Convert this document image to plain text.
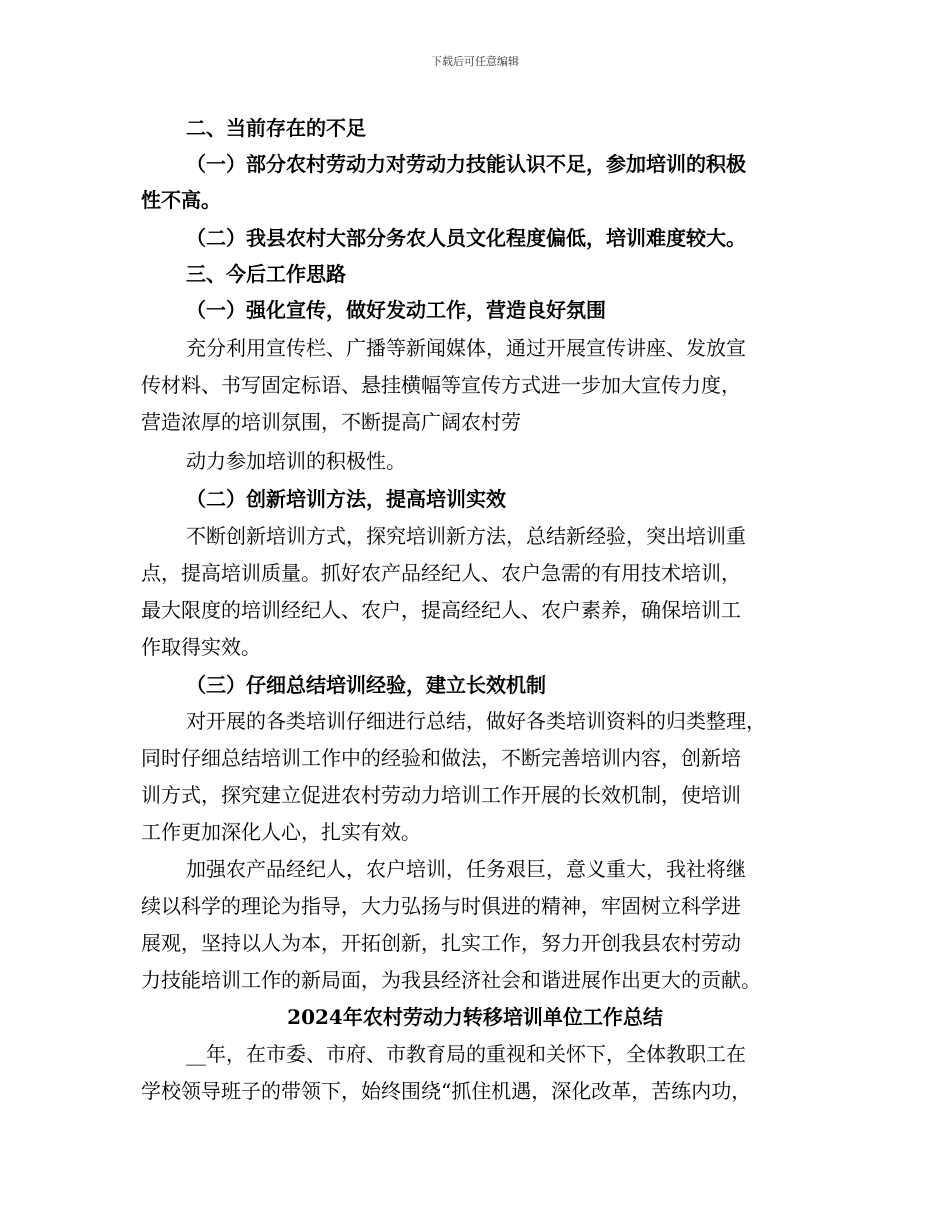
下载后可任意编辑
二、当前存在的不足
（一）部分农村劳动力对劳动力技能认识不足，参加培训的积极
性不高。
（二）我县农村大部分务农人员文化程度偏低，培训难度较大。
三、今后工作思路
（一）强化宣传，做好发动工作，营造良好氛围
充分利用宣传栏、广播等新闻媒体，通过开展宣传讲座、发放宣
传材料、书写固定标语、悬挂横幅等宣传方式进一步加大宣传力度，
营造浓厚的培训氛围，不断提高广阔农村劳
动力参加培训的积极性。
（二）创新培训方法，提高培训实效
不断创新培训方式，探究培训新方法，总结新经验，突出培训重
点，提高培训质量。抓好农产品经纪人、农户急需的有用技术培训，
最大限度的培训经纪人、农户，提高经纪人、农户素养，确保培训工
作取得实效。
（三）仔细总结培训经验，建立长效机制
对开展的各类培训仔细进行总结，做好各类培训资料的归类整理，
同时仔细总结培训工作中的经验和做法，不断完善培训内容，创新培
训方式，探究建立促进农村劳动力培训工作开展的长效机制，使培训
工作更加深化人心，扎实有效。
加强农产品经纪人，农户培训，任务艰巨，意义重大，我社将继
续以科学的理论为指导，大力弘扬与时俱进的精神，牢固树立科学进
展观，坚持以人为本，开拓创新，扎实工作，努力开创我县农村劳动
力技能培训工作的新局面，为我县经济社会和谐进展作出更大的贡献。
2024年农村劳动力转移培训单位工作总结
__年，在市委、市府、市教育局的重视和关怀下，全体教职工在
学校领导班子的带领下，始终围绕“抓住机遇，深化改革，苦练内功，
